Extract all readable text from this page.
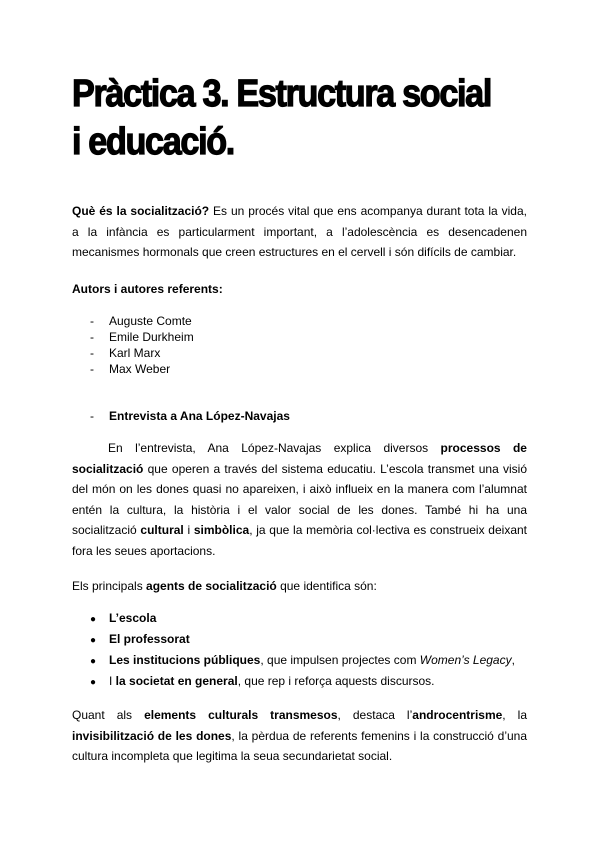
Pràctica 3. Estructura social i educació.

Què és la socialització? Es un procés vital que ens acompanya durant tota la vida, a la infància es particularment important, a l’adolescència es desencadenen mecanismes hormonals que creen estructures en el cervell i són difícils de cambiar.

Autors i autores referents:

- Auguste Comte
- Emile Durkheim
- Karl Marx
- Max Weber
- Entrevista a Ana López-Navajas

En l’entrevista, Ana López-Navajas explica diversos processos de socialització que operen a través del sistema educatiu. L’escola transmet una visió del món on les dones quasi no apareixen, i això influeix en la manera com l’alumnat entén la cultura, la història i el valor social de les dones. També hi ha una socialització cultural i simbòlica, ja que la memòria col·lectiva es construeix deixant fora les seues aportacions.

Els principals agents de socialització que identifica són:

● L’escola
● El professorat
● Les institucions públiques, que impulsen projectes com Women’s Legacy,
● I la societat en general, que rep i reforça aquests discursos.

Quant als elements culturals transmesos, destaca l’androcentrisme, la invisibilització de les dones, la pèrdua de referents femenins i la construcció d’una cultura incompleta que legitima la seua secundarietat social.
